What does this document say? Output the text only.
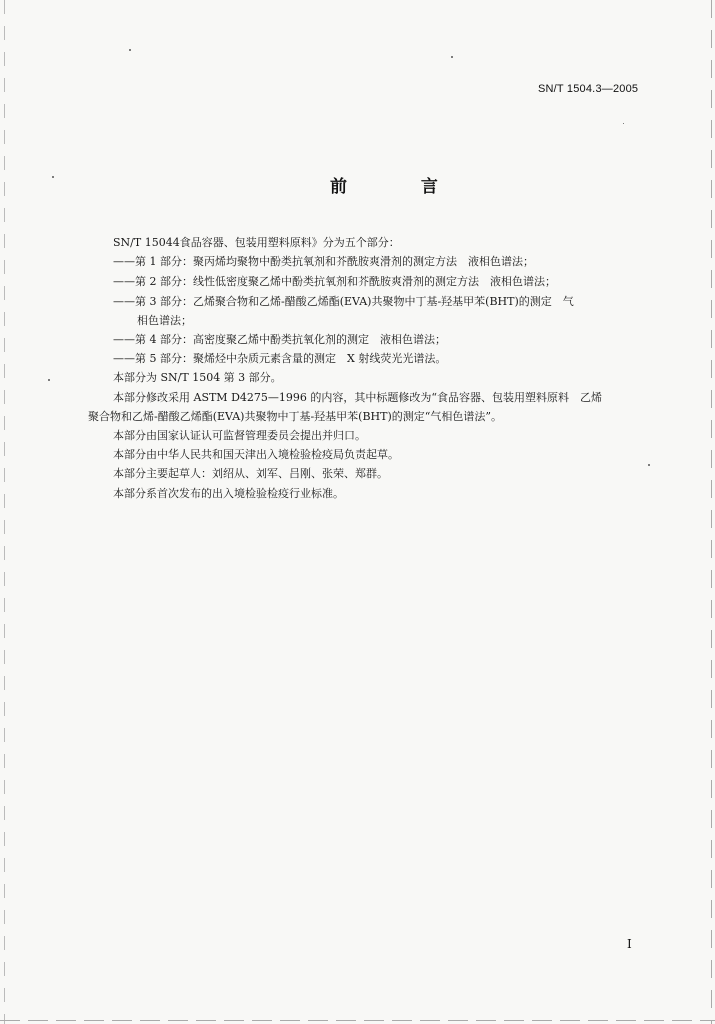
SN/T 1504.3—2005
前 言
SN/T 15044食品容器、包装用塑料原料》分为五个部分：
——第 1 部分：聚丙烯均聚物中酚类抗氧剂和芥酰胺爽滑剂的测定方法　液相色谱法；
——第 2 部分：线性低密度聚乙烯中酚类抗氧剂和芥酰胺爽滑剂的测定方法　液相色谱法；
——第 3 部分：乙烯聚合物和乙烯-醋酸乙烯酯(EVA)共聚物中丁基-羟基甲苯(BHT)的测定　气
相色谱法；
——第 4 部分：高密度聚乙烯中酚类抗氧化剂的测定　液相色谱法；
——第 5 部分：聚烯烃中杂质元素含量的测定　X 射线荧光光谱法。
本部分为 SN/T 1504 第 3 部分。
本部分修改采用 ASTM D4275—1996 的内容，其中标题修改为“食品容器、包装用塑料原料　乙烯
聚合物和乙烯-醋酸乙烯酯(EVA)共聚物中丁基-羟基甲苯(BHT)的测定“气相色谱法”。
本部分由国家认证认可监督管理委员会提出并归口。
本部分由中华人民共和国天津出入境检验检疫局负责起草。
本部分主要起草人：刘绍从、刘军、吕刚、张荣、郑群。
本部分系首次发布的出入境检验检疫行业标准。
I
